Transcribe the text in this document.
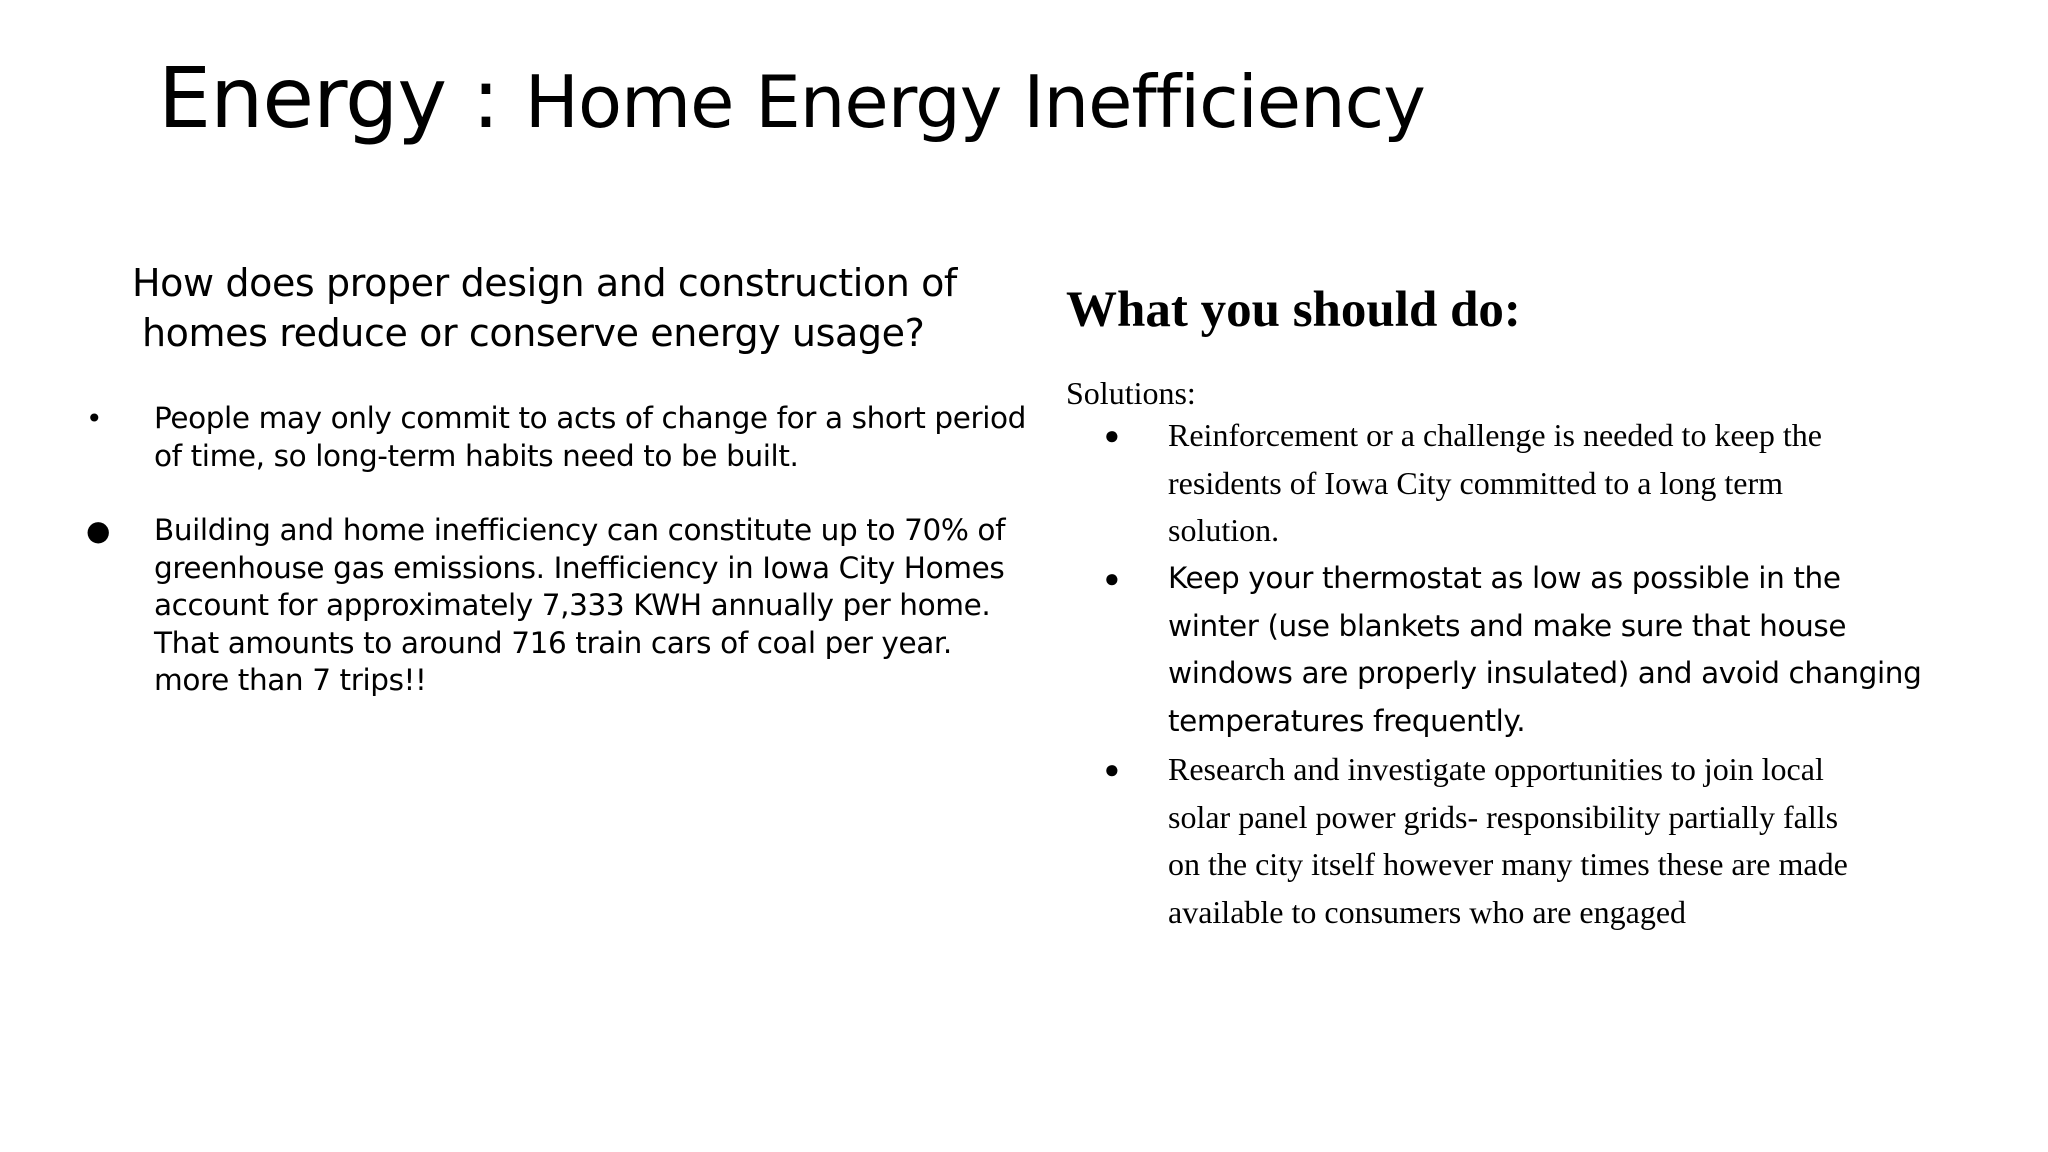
Energy : Home Energy Inefficiency
How does proper design and construction of
homes reduce or conserve energy usage?
• People may only commit to acts of change for a short period
of time, so long-term habits need to be built.
● Building and home inefficiency can constitute up to 70% of
greenhouse gas emissions. Inefficiency in Iowa City Homes
account for approximately 7,333 KWH annually per home.
That amounts to around 716 train cars of coal per year.
more than 7 trips!!
What you should do:
Solutions:
● Reinforcement or a challenge is needed to keep the
residents of Iowa City committed to a long term
solution.
● Keep your thermostat as low as possible in the
winter (use blankets and make sure that house
windows are properly insulated) and avoid changing
temperatures frequently.
● Research and investigate opportunities to join local
solar panel power grids- responsibility partially falls
on the city itself however many times these are made
available to consumers who are engaged
